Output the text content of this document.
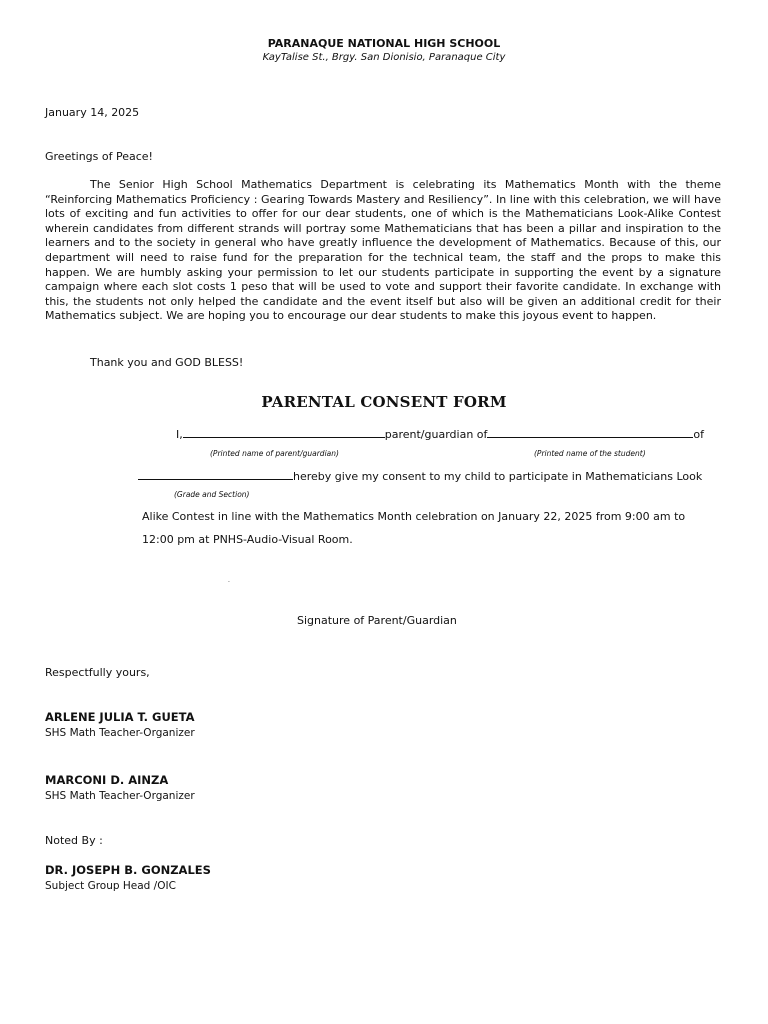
PARANAQUE NATIONAL HIGH SCHOOL
KayTalise St., Brgy. San Dionisio, Paranaque City
January 14, 2025
Greetings of Peace!
The Senior High School Mathematics Department is celebrating its Mathematics Month with the theme “Reinforcing Mathematics Proficiency : Gearing Towards Mastery and Resiliency”. In line with this celebration, we will have lots of exciting and fun activities to offer for our dear students, one of which is the Mathematicians Look-Alike Contest wherein candidates from different strands will portray some Mathematicians that has been a pillar and inspiration to the learners and to the society in general who have greatly influence the development of Mathematics. Because of this, our department will need to raise fund for the preparation for the technical team, the staff and the props to make this happen. We are humbly asking your permission to let our students participate in supporting the event by a signature campaign where each slot costs 1 peso that will be used to vote and support their favorite candidate. In exchange with this, the students not only helped the candidate and the event itself but also will be given an additional credit for their Mathematics subject. We are hoping you to encourage our dear students to make this joyous event to happen.
Thank you and GOD BLESS!
PARENTAL CONSENT FORM
I,	parent/guardian of	of
(Printed name of parent/guardian)	(Printed name of the student)
hereby give my consent to my child to participate in Mathematicians Look
(Grade and Section)
Alike Contest in line with the Mathematics Month celebration on January 22, 2025 from 9:00 am to
12:00 pm at PNHS-Audio-Visual Room.
.
Signature of Parent/Guardian
Respectfully yours,
ARLENE JULIA T. GUETA
SHS Math Teacher-Organizer
MARCONI D. AINZA
SHS Math Teacher-Organizer
Noted By :
DR. JOSEPH B. GONZALES
Subject Group Head /OIC
